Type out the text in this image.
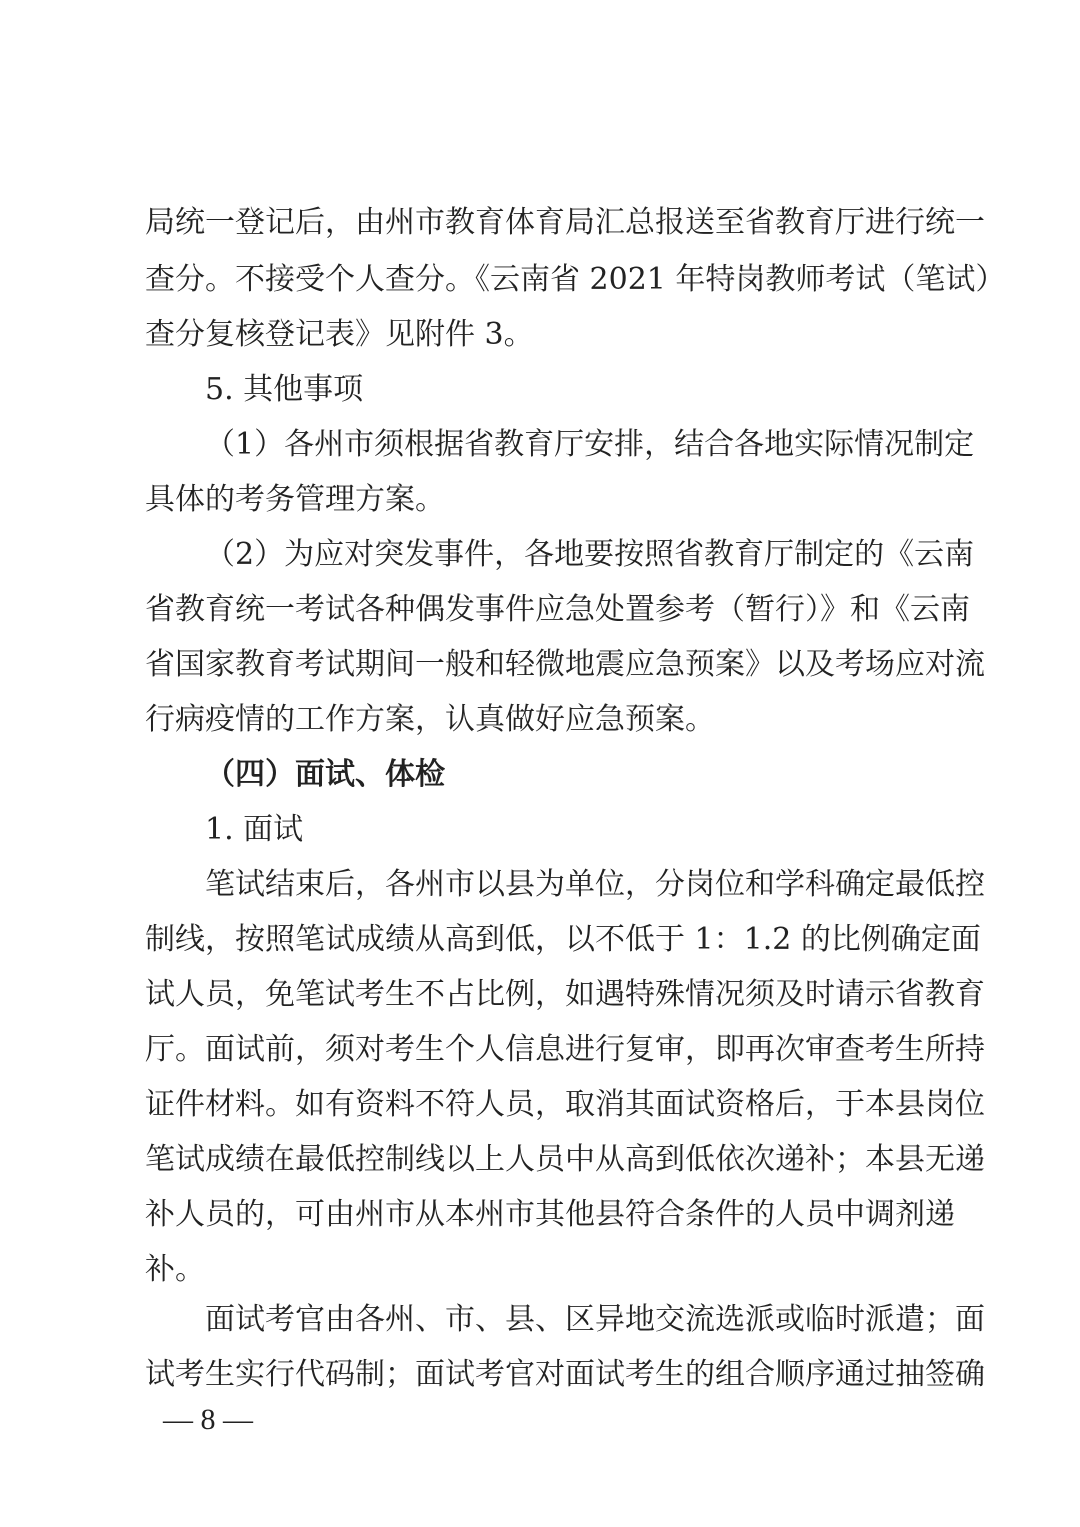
局统一登记后，由州市教育体育局汇总报送至省教育厅进行统一
查分。不接受个人查分。《云南省 2021 年特岗教师考试（笔试）
查分复核登记表》见附件 3。
5. 其他事项
（1）各州市须根据省教育厅安排，结合各地实际情况制定
具体的考务管理方案。
（2）为应对突发事件，各地要按照省教育厅制定的《云南
省教育统一考试各种偶发事件应急处置参考（暂行）》和《云南
省国家教育考试期间一般和轻微地震应急预案》以及考场应对流
行病疫情的工作方案，认真做好应急预案。
（四）面试、体检
1. 面试
笔试结束后，各州市以县为单位，分岗位和学科确定最低控
制线，按照笔试成绩从高到低，以不低于 1：1.2 的比例确定面
试人员，免笔试考生不占比例，如遇特殊情况须及时请示省教育
厅。面试前，须对考生个人信息进行复审，即再次审查考生所持
证件材料。如有资料不符人员，取消其面试资格后，于本县岗位
笔试成绩在最低控制线以上人员中从高到低依次递补；本县无递
补人员的，可由州市从本州市其他县符合条件的人员中调剂递
补。
面试考官由各州、市、县、区异地交流选派或临时派遣；面
试考生实行代码制；面试考官对面试考生的组合顺序通过抽签确
— 8 —
